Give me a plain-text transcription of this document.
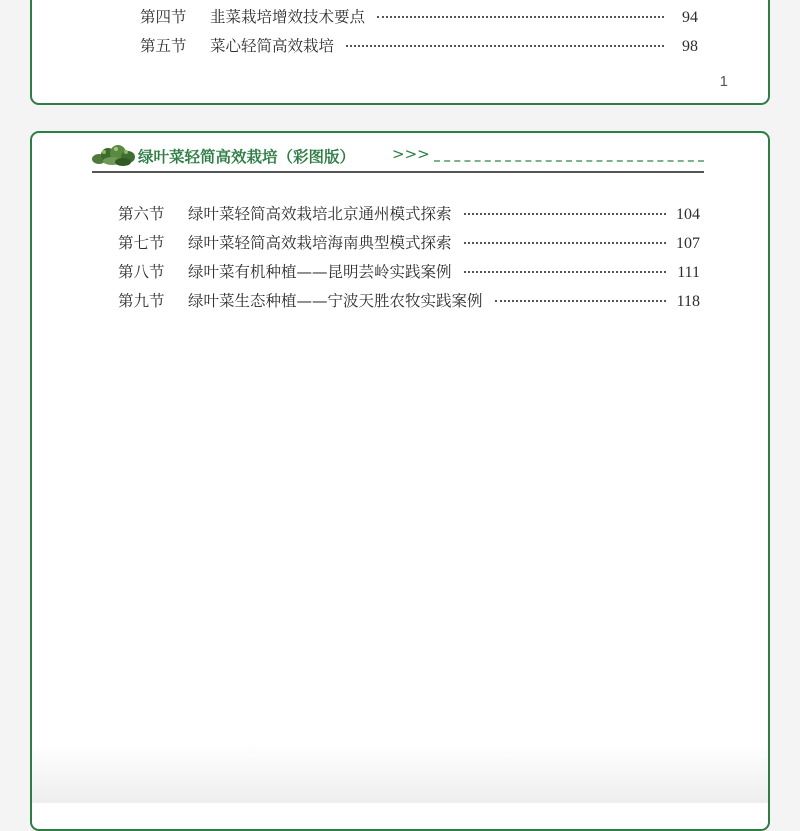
第四节	韭菜栽培增效技术要点	94
第五节	菜心轻简高效栽培	98
1
绿叶菜轻简高效栽培（彩图版） >>>
第六节	绿叶菜轻简高效栽培北京通州模式探索	104
第七节	绿叶菜轻简高效栽培海南典型模式探索	107
第八节	绿叶菜有机种植——昆明芸岭实践案例	111
第九节	绿叶菜生态种植——宁波天胜农牧实践案例	118
